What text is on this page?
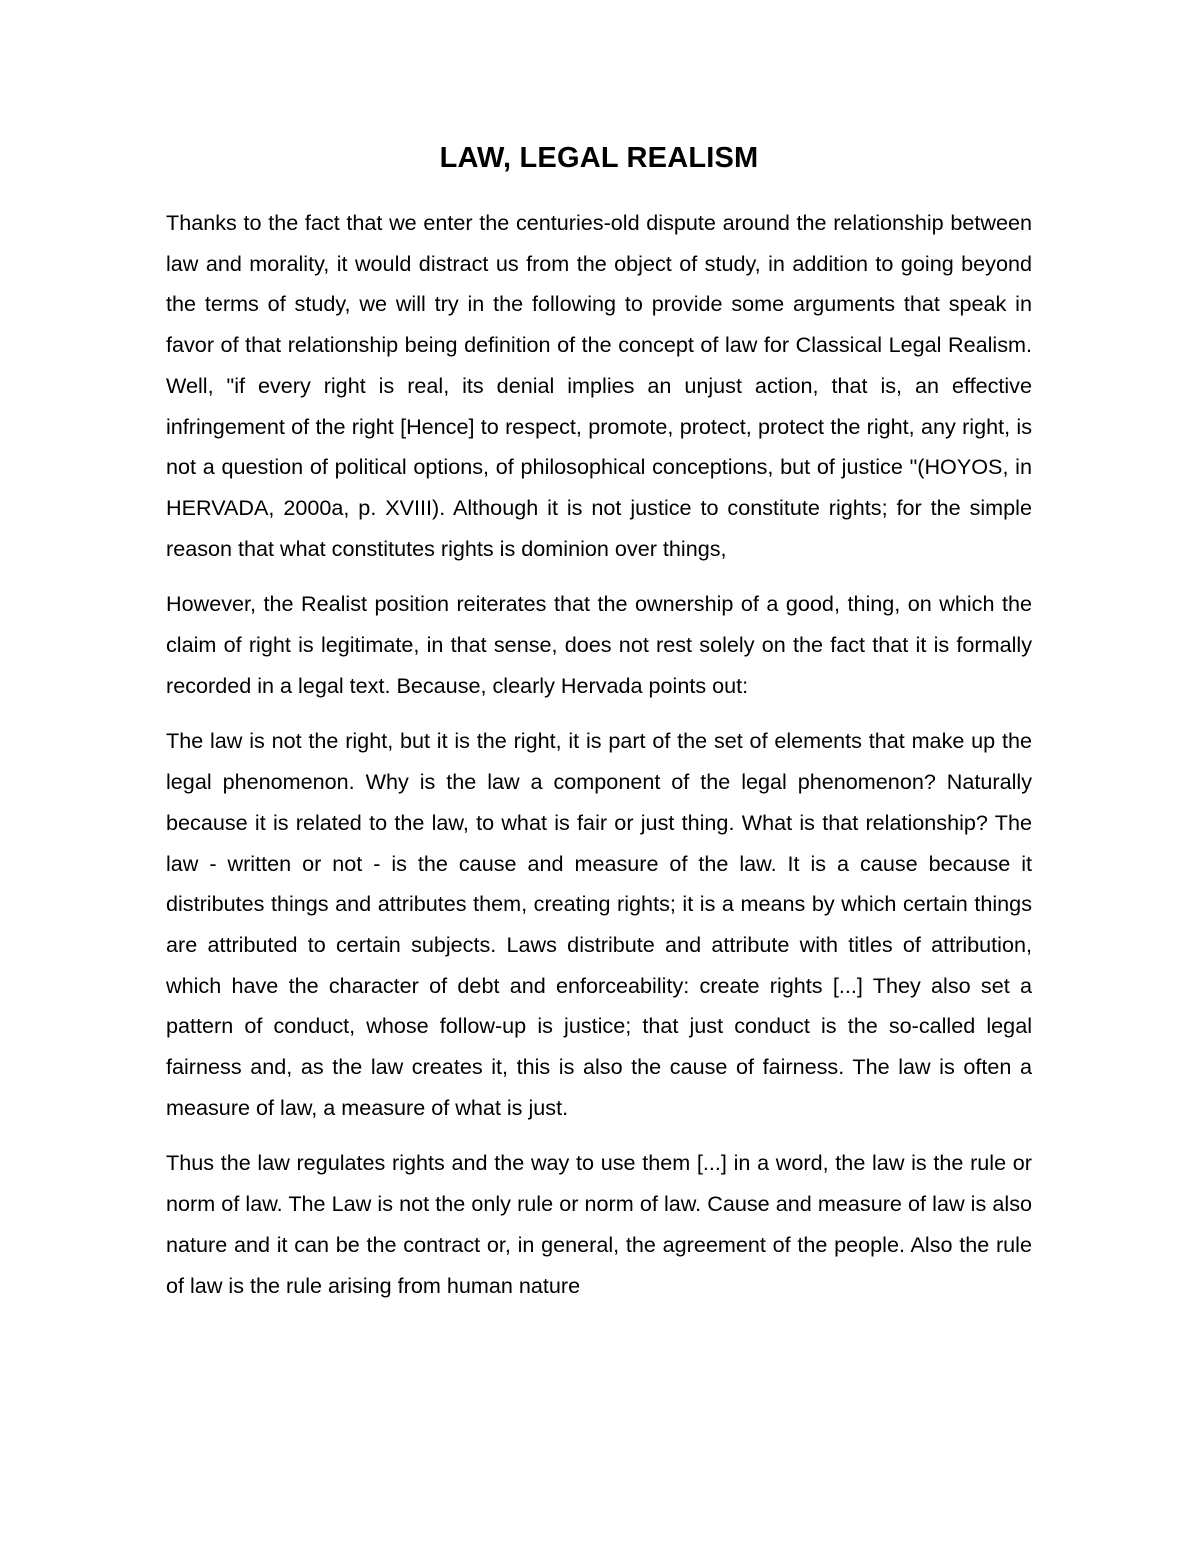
LAW, LEGAL REALISM

Thanks to the fact that we enter the centuries-old dispute around the relationship between law and morality, it would distract us from the object of study, in addition to going beyond the terms of study, we will try in the following to provide some arguments that speak in favor of that relationship being definition of the concept of law for Classical Legal Realism. Well, "if every right is real, its denial implies an unjust action, that is, an effective infringement of the right [Hence] to respect, promote, protect, protect the right, any right, is not a question of political options, of philosophical conceptions, but of justice "(HOYOS, in HERVADA, 2000a, p. XVIII). Although it is not justice to constitute rights; for the simple reason that what constitutes rights is dominion over things,

However, the Realist position reiterates that the ownership of a good, thing, on which the claim of right is legitimate, in that sense, does not rest solely on the fact that it is formally recorded in a legal text. Because, clearly Hervada points out:

The law is not the right, but it is the right, it is part of the set of elements that make up the legal phenomenon. Why is the law a component of the legal phenomenon? Naturally because it is related to the law, to what is fair or just thing. What is that relationship? The law - written or not - is the cause and measure of the law. It is a cause because it distributes things and attributes them, creating rights; it is a means by which certain things are attributed to certain subjects. Laws distribute and attribute with titles of attribution, which have the character of debt and enforceability: create rights [...] They also set a pattern of conduct, whose follow-up is justice; that just conduct is the so-called legal fairness and, as the law creates it, this is also the cause of fairness. The law is often a measure of law, a measure of what is just.

Thus the law regulates rights and the way to use them [...] in a word, the law is the rule or norm of law. The Law is not the only rule or norm of law. Cause and measure of law is also nature and it can be the contract or, in general, the agreement of the people. Also the rule of law is the rule arising from human nature
